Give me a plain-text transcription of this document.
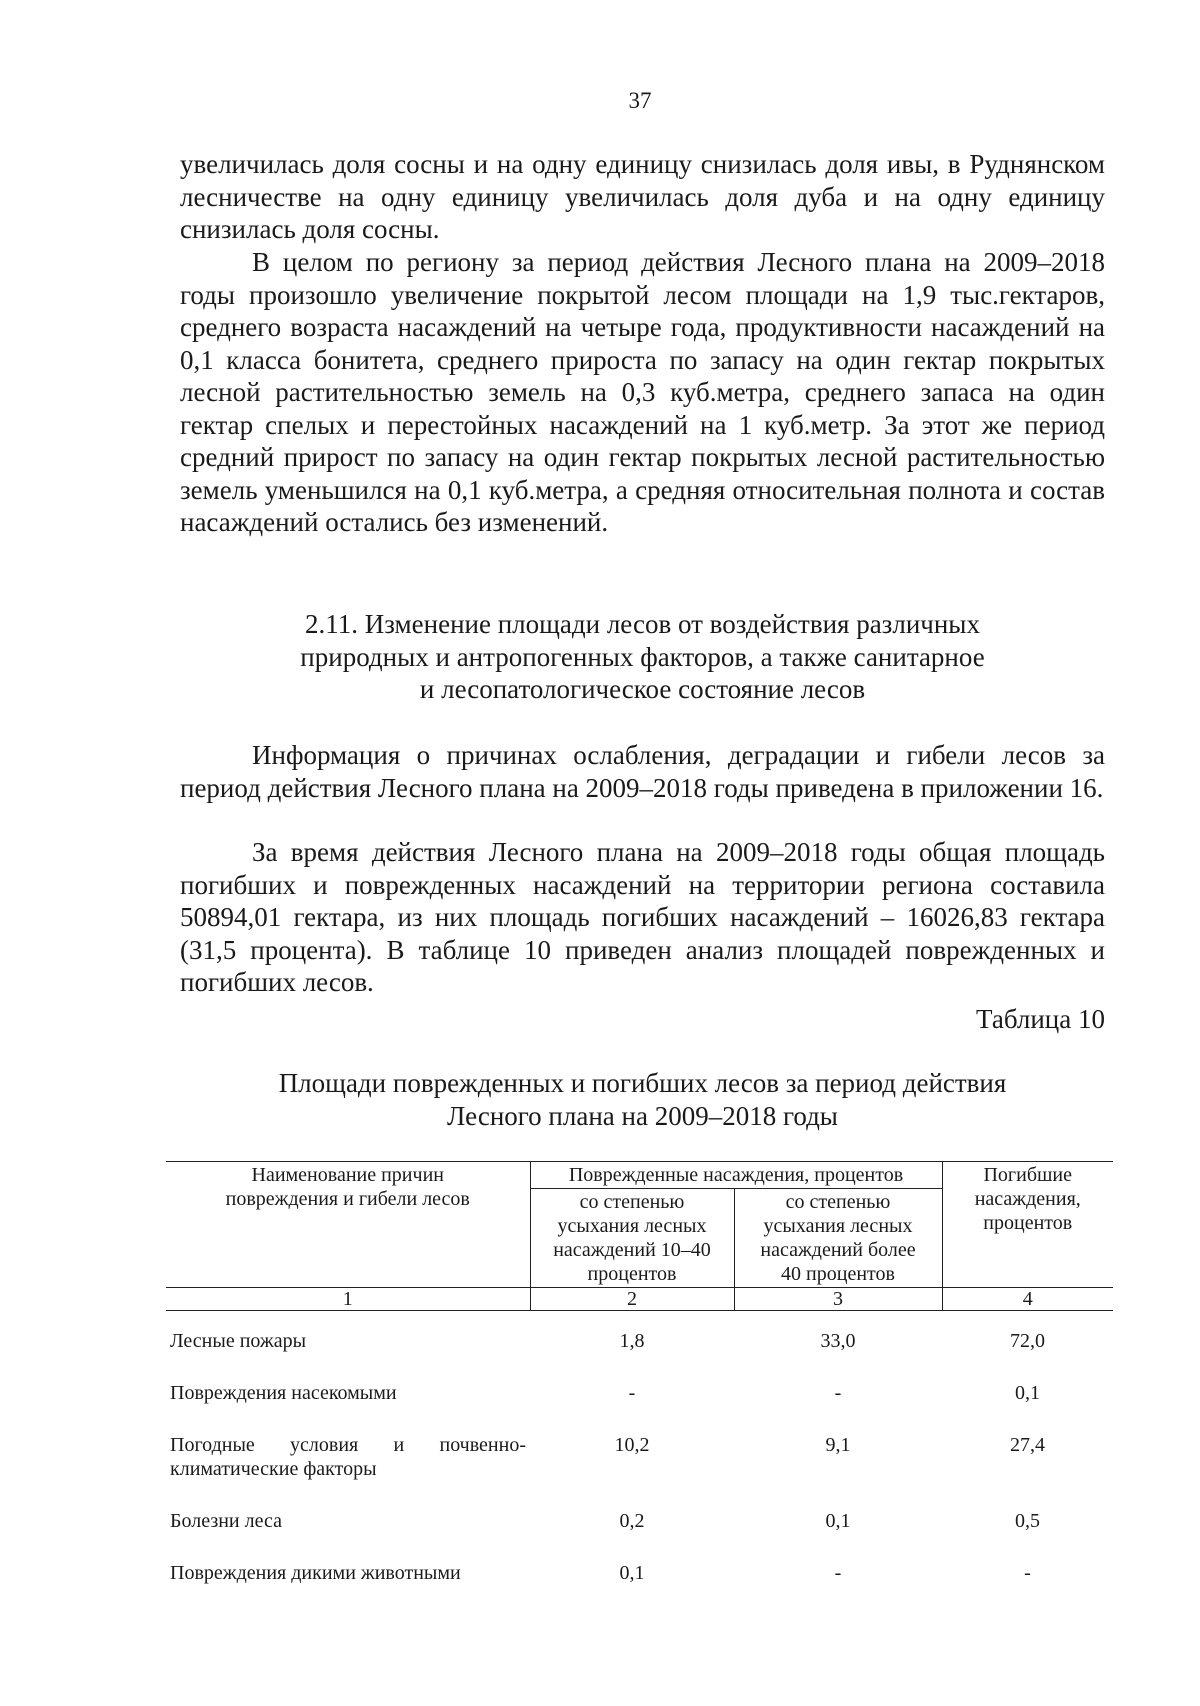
37

увеличилась доля сосны и на одну единицу снизилась доля ивы, в Руднянском лесничестве на одну единицу увеличилась доля дуба и на одну единицу снизилась доля сосны.

В целом по региону за период действия Лесного плана на 2009–2018 годы произошло увеличение покрытой лесом площади на 1,9 тыс.гектаров, среднего возраста насаждений на четыре года, продуктивности насаждений на 0,1 класса бонитета, среднего прироста по запасу на один гектар покрытых лесной растительностью земель на 0,3 куб.метра, среднего запаса на один гектар спелых и перестойных насаждений на 1 куб.метр. За этот же период средний прирост по запасу на один гектар покрытых лесной растительностью земель уменьшился на 0,1 куб.метра, а средняя относительная полнота и состав насаждений остались без изменений.

2.11. Изменение площади лесов от воздействия различных
природных и антропогенных факторов, а также санитарное
и лесопатологическое состояние лесов

Информация о причинах ослабления, деградации и гибели лесов за период действия Лесного плана на 2009–2018 годы приведена в приложении 16.

За время действия Лесного плана на 2009–2018 годы общая площадь погибших и поврежденных насаждений на территории региона составила 50894,01 гектара, из них площадь погибших насаждений – 16026,83 гектара (31,5 процента). В таблице 10 приведен анализ площадей поврежденных и погибших лесов.

Таблица 10
Площади поврежденных и погибших лесов за период действия
Лесного плана на 2009–2018 годы
Наименование причин повреждения и гибели лесов	Поврежденные насаждения, процентов		Погибшие насаждения, процентов
	со степенью усыхания лесных насаждений 10–40 процентов	со степенью усыхания лесных насаждений более 40 процентов	
1	2	3	4
Лесные пожары	1,8	33,0	72,0
Повреждения насекомыми	-	-	0,1
Погодные условия и почвенно-климатические факторы	10,2	9,1	27,4
Болезни леса	0,2	0,1	0,5
Повреждения дикими животными	0,1	-	-
